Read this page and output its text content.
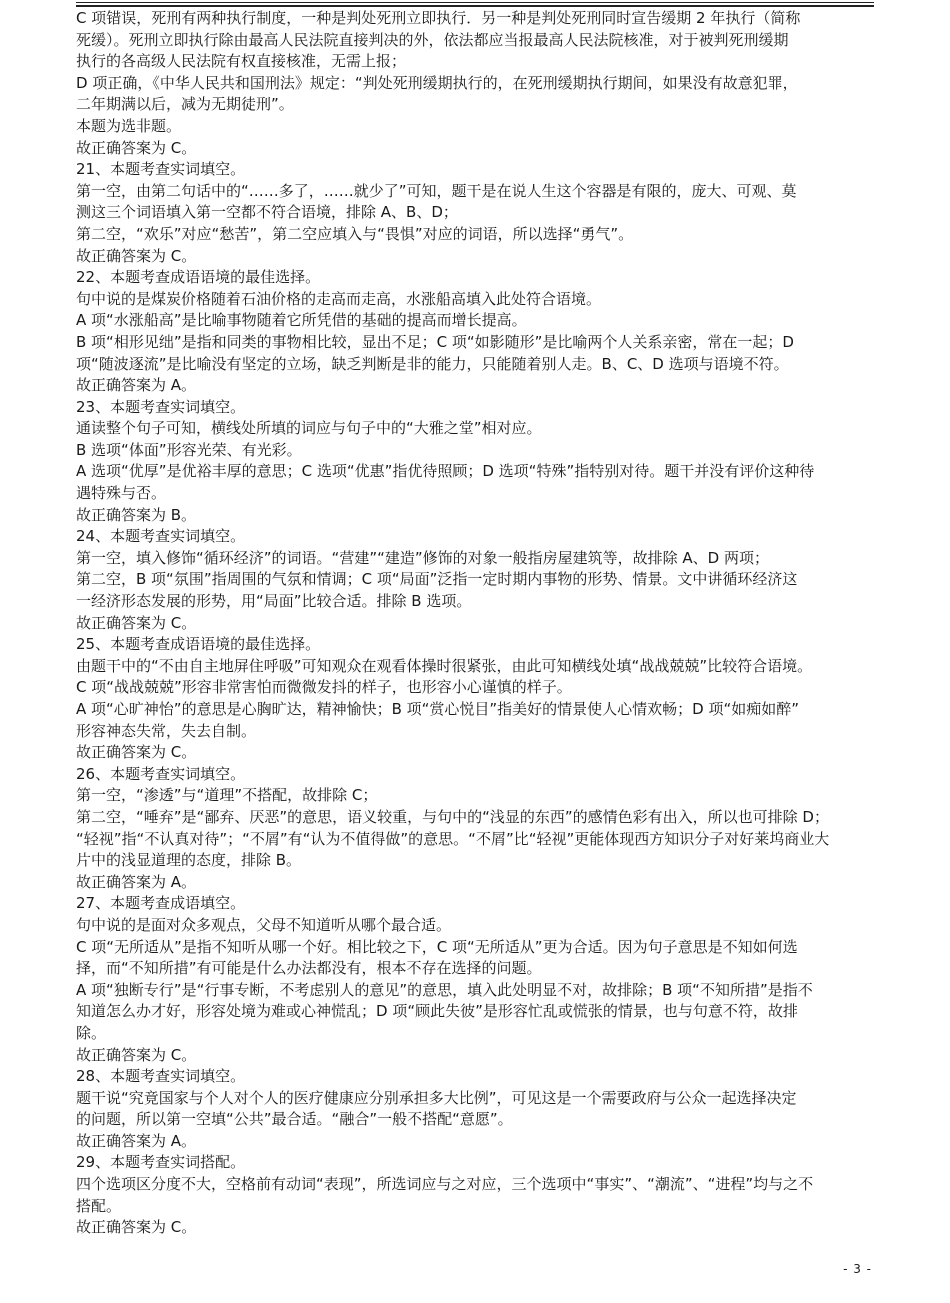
C 项错误，死刑有两种执行制度，一种是判处死刑立即执行．另一种是判处死刑同时宣告缓期 2 年执行（简称
死缓）。死刑立即执行除由最高人民法院直接判决的外，依法都应当报最高人民法院核准，对于被判死刑缓期
执行的各高级人民法院有权直接核准，无需上报；
D 项正确，《中华人民共和国刑法》规定：“判处死刑缓期执行的，在死刑缓期执行期间，如果没有故意犯罪，
二年期满以后，减为无期徒刑”。
本题为选非题。
故正确答案为 C。
21、本题考查实词填空。
第一空，由第二句话中的“……多了，……就少了”可知，题干是在说人生这个容器是有限的，庞大、可观、莫
测这三个词语填入第一空都不符合语境，排除 A、B、D；
第二空，“欢乐”对应“愁苦”，第二空应填入与“畏惧”对应的词语，所以选择“勇气”。
故正确答案为 C。
22、本题考查成语语境的最佳选择。
句中说的是煤炭价格随着石油价格的走高而走高，水涨船高填入此处符合语境。
A 项“水涨船高”是比喻事物随着它所凭借的基础的提高而增长提高。
B 项“相形见绌”是指和同类的事物相比较，显出不足；C 项“如影随形”是比喻两个人关系亲密，常在一起；D
项“随波逐流”是比喻没有坚定的立场，缺乏判断是非的能力，只能随着别人走。B、C、D 选项与语境不符。
故正确答案为 A。
23、本题考查实词填空。
通读整个句子可知，横线处所填的词应与句子中的“大雅之堂”相对应。
B 选项“体面”形容光荣、有光彩。
A 选项“优厚”是优裕丰厚的意思；C 选项“优惠”指优待照顾；D 选项“特殊”指特别对待。题干并没有评价这种待
遇特殊与否。
故正确答案为 B。
24、本题考查实词填空。
第一空，填入修饰“循环经济”的词语。“营建”“建造”修饰的对象一般指房屋建筑等，故排除 A、D 两项；
第二空，B 项“氛围”指周围的气氛和情调；C 项“局面”泛指一定时期内事物的形势、情景。文中讲循环经济这
一经济形态发展的形势，用“局面”比较合适。排除 B 选项。
故正确答案为 C。
25、本题考查成语语境的最佳选择。
由题干中的“不由自主地屏住呼吸”可知观众在观看体操时很紧张，由此可知横线处填“战战兢兢”比较符合语境。
C 项“战战兢兢”形容非常害怕而微微发抖的样子，也形容小心谨慎的样子。
A 项“心旷神怡”的意思是心胸旷达，精神愉快；B 项“赏心悦目”指美好的情景使人心情欢畅；D 项“如痴如醉”
形容神态失常，失去自制。
故正确答案为 C。
26、本题考查实词填空。
第一空，“渗透”与“道理”不搭配，故排除 C；
第二空，“唾弃”是“鄙弃、厌恶”的意思，语义较重，与句中的“浅显的东西”的感情色彩有出入，所以也可排除 D；
“轻视”指“不认真对待”；“不屑”有“认为不值得做”的意思。“不屑”比“轻视”更能体现西方知识分子对好莱坞商业大
片中的浅显道理的态度，排除 B。
故正确答案为 A。
27、本题考查成语填空。
句中说的是面对众多观点，父母不知道听从哪个最合适。
C 项“无所适从”是指不知听从哪一个好。相比较之下，C 项“无所适从”更为合适。因为句子意思是不知如何选
择，而“不知所措”有可能是什么办法都没有，根本不存在选择的问题。
A 项“独断专行”是“行事专断，不考虑别人的意见”的意思，填入此处明显不对，故排除；B 项“不知所措”是指不
知道怎么办才好，形容处境为难或心神慌乱；D 项“顾此失彼”是形容忙乱或慌张的情景，也与句意不符，故排
除。
故正确答案为 C。
28、本题考查实词填空。
题干说“究竟国家与个人对个人的医疗健康应分别承担多大比例”，可见这是一个需要政府与公众一起选择决定
的问题，所以第一空填“公共”最合适。“融合”一般不搭配“意愿”。
故正确答案为 A。
29、本题考查实词搭配。
四个选项区分度不大，空格前有动词“表现”，所选词应与之对应，三个选项中“事实”、“潮流”、“进程”均与之不
搭配。
故正确答案为 C。
- 3 -
